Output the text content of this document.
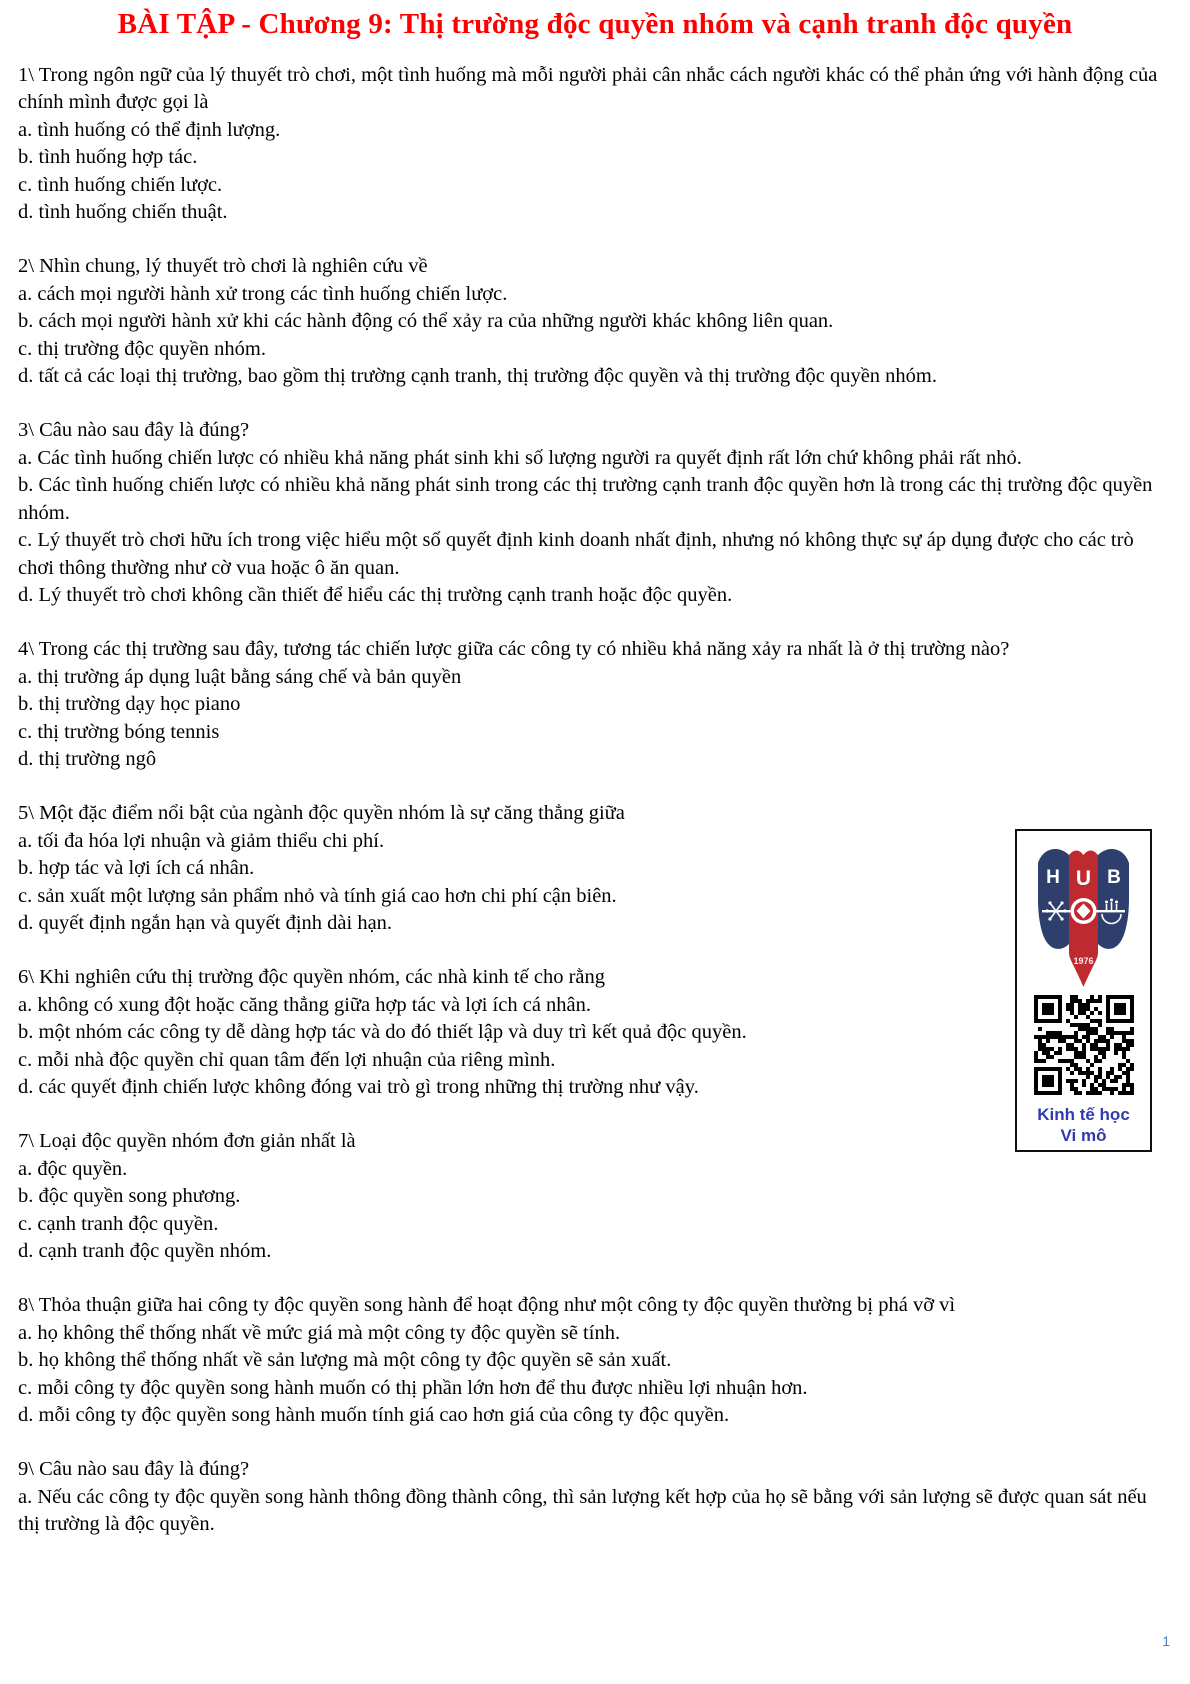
BÀI TẬP - Chương 9: Thị trường độc quyền nhóm và cạnh tranh độc quyền

1\ Trong ngôn ngữ của lý thuyết trò chơi, một tình huống mà mỗi người phải cân nhắc cách người khác có thể phản ứng với hành động của chính mình được gọi là

a. tình huống có thể định lượng.

b. tình huống hợp tác.

c. tình huống chiến lược.

d. tình huống chiến thuật.

2\ Nhìn chung, lý thuyết trò chơi là nghiên cứu về

a. cách mọi người hành xử trong các tình huống chiến lược.

b. cách mọi người hành xử khi các hành động có thể xảy ra của những người khác không liên quan.

c. thị trường độc quyền nhóm.

d. tất cả các loại thị trường, bao gồm thị trường cạnh tranh, thị trường độc quyền và thị trường độc quyền nhóm.

3\ Câu nào sau đây là đúng?

a. Các tình huống chiến lược có nhiều khả năng phát sinh khi số lượng người ra quyết định rất lớn chứ không phải rất nhỏ.

b. Các tình huống chiến lược có nhiều khả năng phát sinh trong các thị trường cạnh tranh độc quyền hơn là trong các thị trường độc quyền nhóm.

c. Lý thuyết trò chơi hữu ích trong việc hiểu một số quyết định kinh doanh nhất định, nhưng nó không thực sự áp dụng được cho các trò chơi thông thường như cờ vua hoặc ô ăn quan.

d. Lý thuyết trò chơi không cần thiết để hiểu các thị trường cạnh tranh hoặc độc quyền.

4\ Trong các thị trường sau đây, tương tác chiến lược giữa các công ty có nhiều khả năng xảy ra nhất là ở thị trường nào?

a. thị trường áp dụng luật bằng sáng chế và bản quyền

b. thị trường dạy học piano

c. thị trường bóng tennis

d. thị trường ngô

5\ Một đặc điểm nổi bật của ngành độc quyền nhóm là sự căng thẳng giữa

a. tối đa hóa lợi nhuận và giảm thiểu chi phí.

b. hợp tác và lợi ích cá nhân.

c. sản xuất một lượng sản phẩm nhỏ và tính giá cao hơn chi phí cận biên.

d. quyết định ngắn hạn và quyết định dài hạn.

6\ Khi nghiên cứu thị trường độc quyền nhóm, các nhà kinh tế cho rằng

a. không có xung đột hoặc căng thẳng giữa hợp tác và lợi ích cá nhân.

b. một nhóm các công ty dễ dàng hợp tác và do đó thiết lập và duy trì kết quả độc quyền.

c. mỗi nhà độc quyền chỉ quan tâm đến lợi nhuận của riêng mình.

d. các quyết định chiến lược không đóng vai trò gì trong những thị trường như vậy.

7\ Loại độc quyền nhóm đơn giản nhất là

a. độc quyền.

b. độc quyền song phương.

c. cạnh tranh độc quyền.

d. cạnh tranh độc quyền nhóm.

8\ Thỏa thuận giữa hai công ty độc quyền song hành để hoạt động như một công ty độc quyền thường bị phá vỡ vì

a. họ không thể thống nhất về mức giá mà một công ty độc quyền sẽ tính.

b. họ không thể thống nhất về sản lượng mà một công ty độc quyền sẽ sản xuất.

c. mỗi công ty độc quyền song hành muốn có thị phần lớn hơn để thu được nhiều lợi nhuận hơn.

d. mỗi công ty độc quyền song hành muốn tính giá cao hơn giá của công ty độc quyền.

9\ Câu nào sau đây là đúng?

a. Nếu các công ty độc quyền song hành thông đồng thành công, thì sản lượng kết hợp của họ sẽ bằng với sản lượng sẽ được quan sát nếu thị trường là độc quyền.

H U B
1976
Kinh tế học
Vi mô
1
